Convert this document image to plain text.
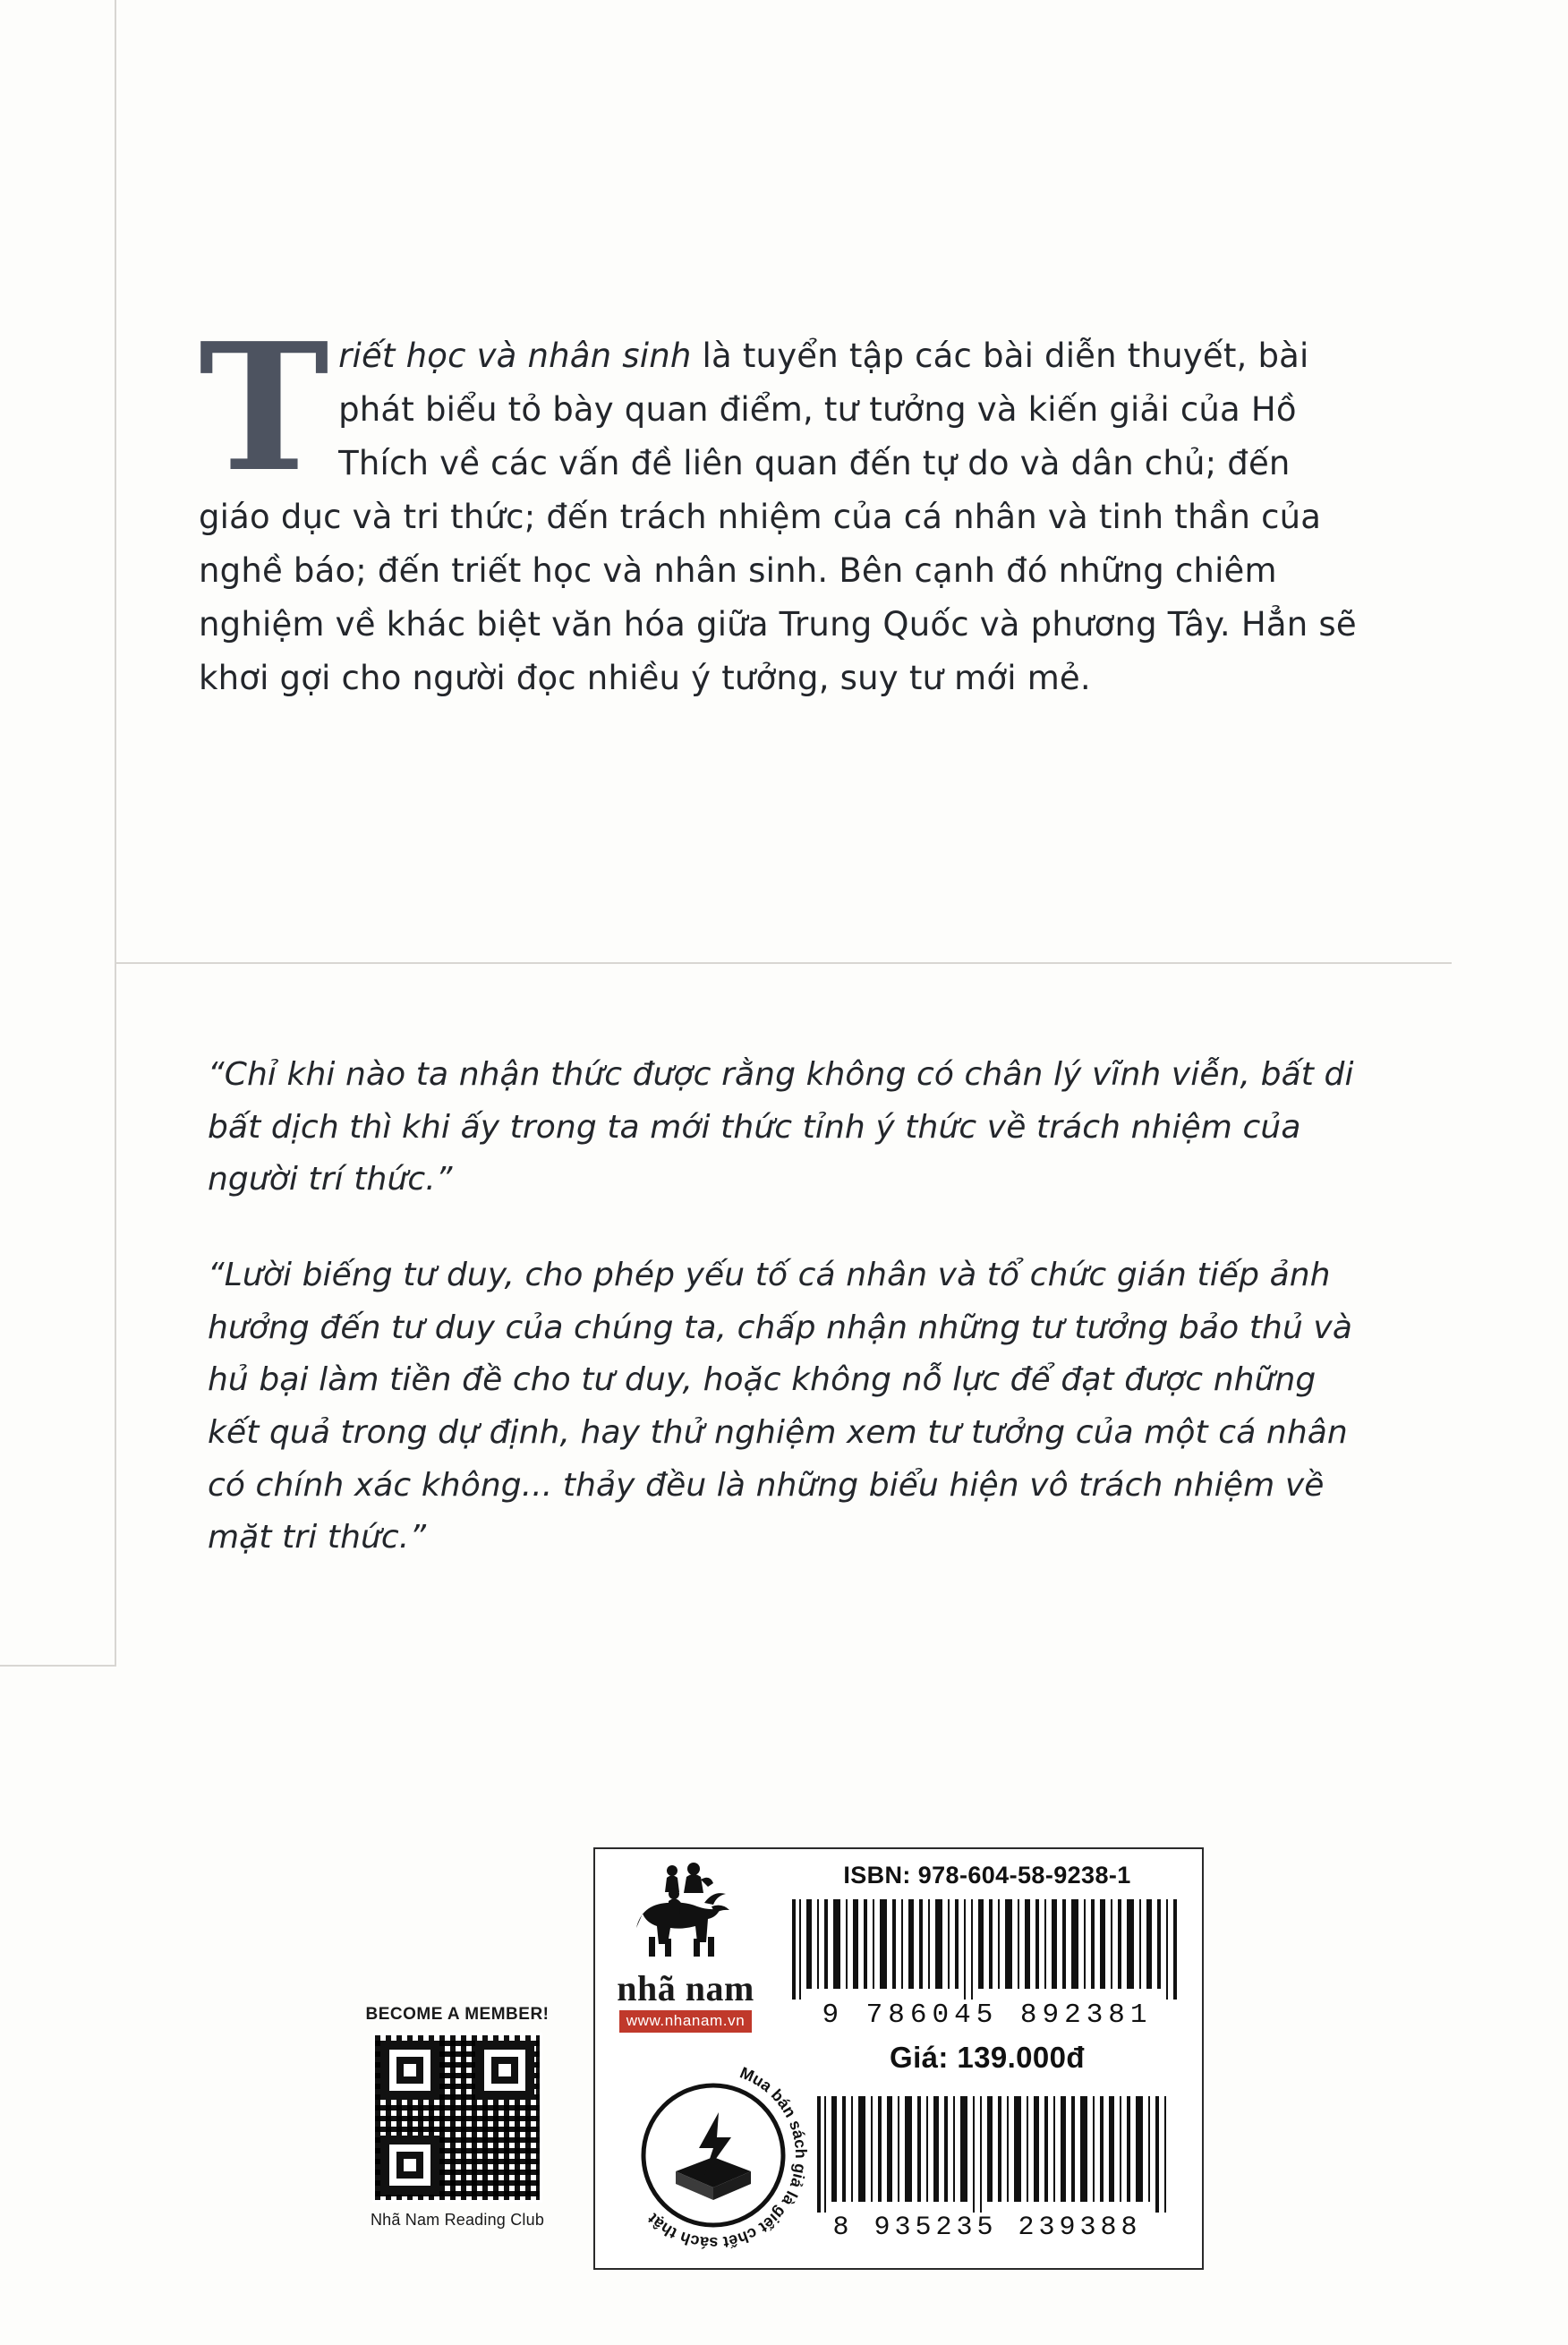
Triết học và nhân sinh là tuyển tập các bài diễn thuyết, bài phát biểu tỏ bày quan điểm, tư tưởng và kiến giải của Hồ Thích về các vấn đề liên quan đến tự do và dân chủ; đến giáo dục và tri thức; đến trách nhiệm của cá nhân và tinh thần của nghề báo; đến triết học và nhân sinh. Bên cạnh đó những chiêm nghiệm về khác biệt văn hóa giữa Trung Quốc và phương Tây. Hẳn sẽ khơi gợi cho người đọc nhiều ý tưởng, suy tư mới mẻ.
“Chỉ khi nào ta nhận thức được rằng không có chân lý vĩnh viễn, bất di bất dịch thì khi ấy trong ta mới thức tỉnh ý thức về trách nhiệm của người trí thức.”
“Lười biếng tư duy, cho phép yếu tố cá nhân và tổ chức gián tiếp ảnh hưởng đến tư duy của chúng ta, chấp nhận những tư tưởng bảo thủ và hủ bại làm tiền đề cho tư duy, hoặc không nỗ lực để đạt được những kết quả trong dự định, hay thử nghiệm xem tư tưởng của một cá nhân có chính xác không... thảy đều là những biểu hiện vô trách nhiệm về mặt tri thức.”
BECOME A MEMBER!
Nhã Nam Reading Club
nhã nam
www.nhanam.vn
Mua bán sách giả là giết chết sách thật
ISBN: 978-604-58-9238-1
9 786045 892381
Giá: 139.000đ
8 935235 239388
